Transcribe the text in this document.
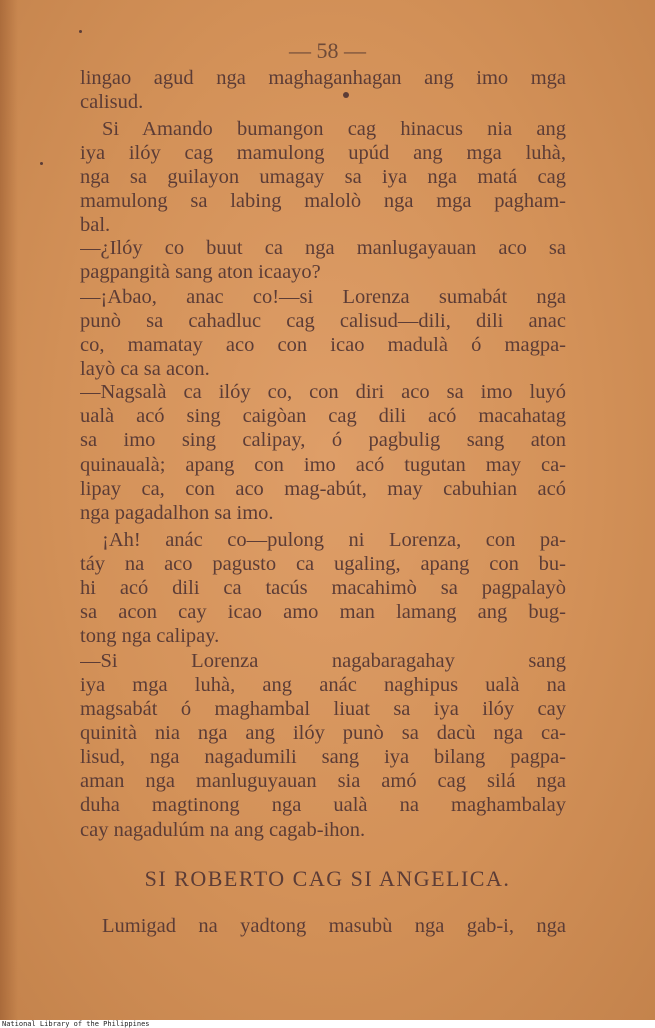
— 58 —
lingao agud nga maghaganhagan ang imo mga
calisud.
Si Amando bumangon cag hinacus nia ang
iya ilóy cag mamulong upúd ang mga luhà,
nga sa guilayon umagay sa iya nga matá cag
mamulong sa labing malolò nga mga pagham-
bal.
—¿Ilóy co buut ca nga manlugayauan aco sa
pagpangità sang aton icaayo?
—¡Abao, anac co!—si Lorenza sumabát nga
punò sa cahadluc cag calisud—dili, dili anac
co, mamatay aco con icao madulà ó magpa-
layò ca sa acon.
—Nagsalà ca ilóy co, con diri aco sa imo luyó
ualà acó sing caigòan cag dili acó macahatag
sa imo sing calipay, ó pagbulig sang aton
quinaualà; apang con imo acó tugutan may ca-
lipay ca, con aco mag-abút, may cabuhian acó
nga pagadalhon sa imo.
¡Ah! anác co—pulong ni Lorenza, con pa-
táy na aco pagusto ca ugaling, apang con bu-
hi acó dili ca tacús macahimò sa pagpalayò
sa acon cay icao amo man lamang ang bug-
tong nga calipay.
—Si Lorenza nagabaragahay sang
iya mga luhà, ang anác naghipus ualà na
magsabát ó maghambal liuat sa iya ilóy cay
quinità nia nga ang ilóy punò sa dacù nga ca-
lisud, nga nagadumili sang iya bilang pagpa-
aman nga manluguyauan sia amó cag silá nga
duha magtinong nga ualà na maghambalay
cay nagadulúm na ang cagab-ihon.
Lumigad na yadtong masubù nga gab-i, nga
SI ROBERTO CAG SI ANGELICA.
National Library of the Philippines
